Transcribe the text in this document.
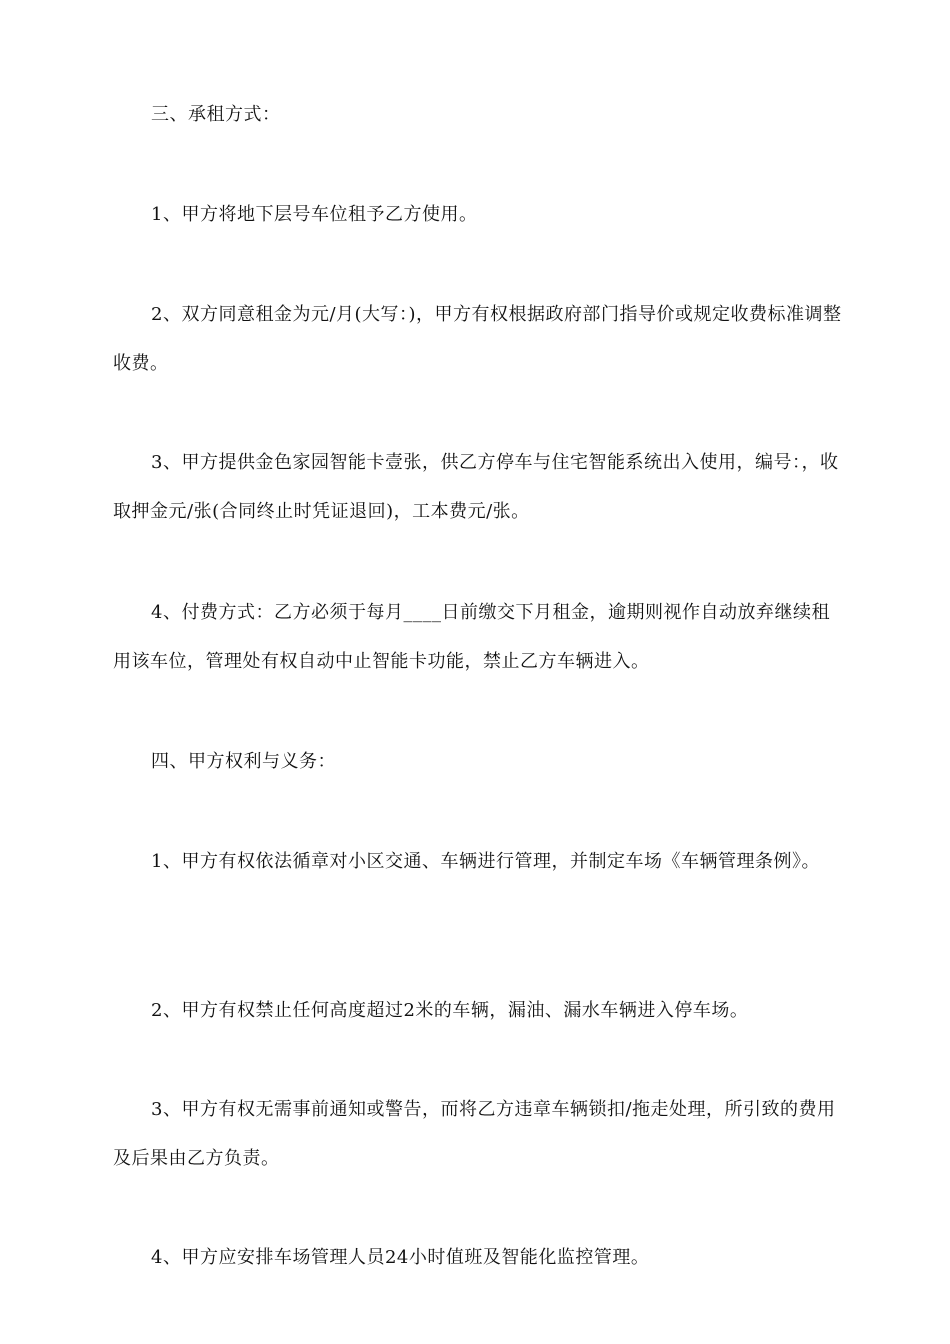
三、承租方式：

1、甲方将地下层号车位租予乙方使用。

2、双方同意租金为元/月(大写：)，甲方有权根据政府部门指导价或规定收费标准调整收费。

3、甲方提供金色家园智能卡壹张，供乙方停车与住宅智能系统出入使用，编号：，收取押金元/张(合同终止时凭证退回)，工本费元/张。

4、付费方式：乙方必须于每月____日前缴交下月租金，逾期则视作自动放弃继续租用该车位，管理处有权自动中止智能卡功能，禁止乙方车辆进入。

四、甲方权利与义务：

1、甲方有权依法循章对小区交通、车辆进行管理，并制定车场《车辆管理条例》。

2、甲方有权禁止任何高度超过2米的车辆，漏油、漏水车辆进入停车场。

3、甲方有权无需事前通知或警告，而将乙方违章车辆锁扣/拖走处理，所引致的费用及后果由乙方负责。

4、甲方应安排车场管理人员24小时值班及智能化监控管理。
